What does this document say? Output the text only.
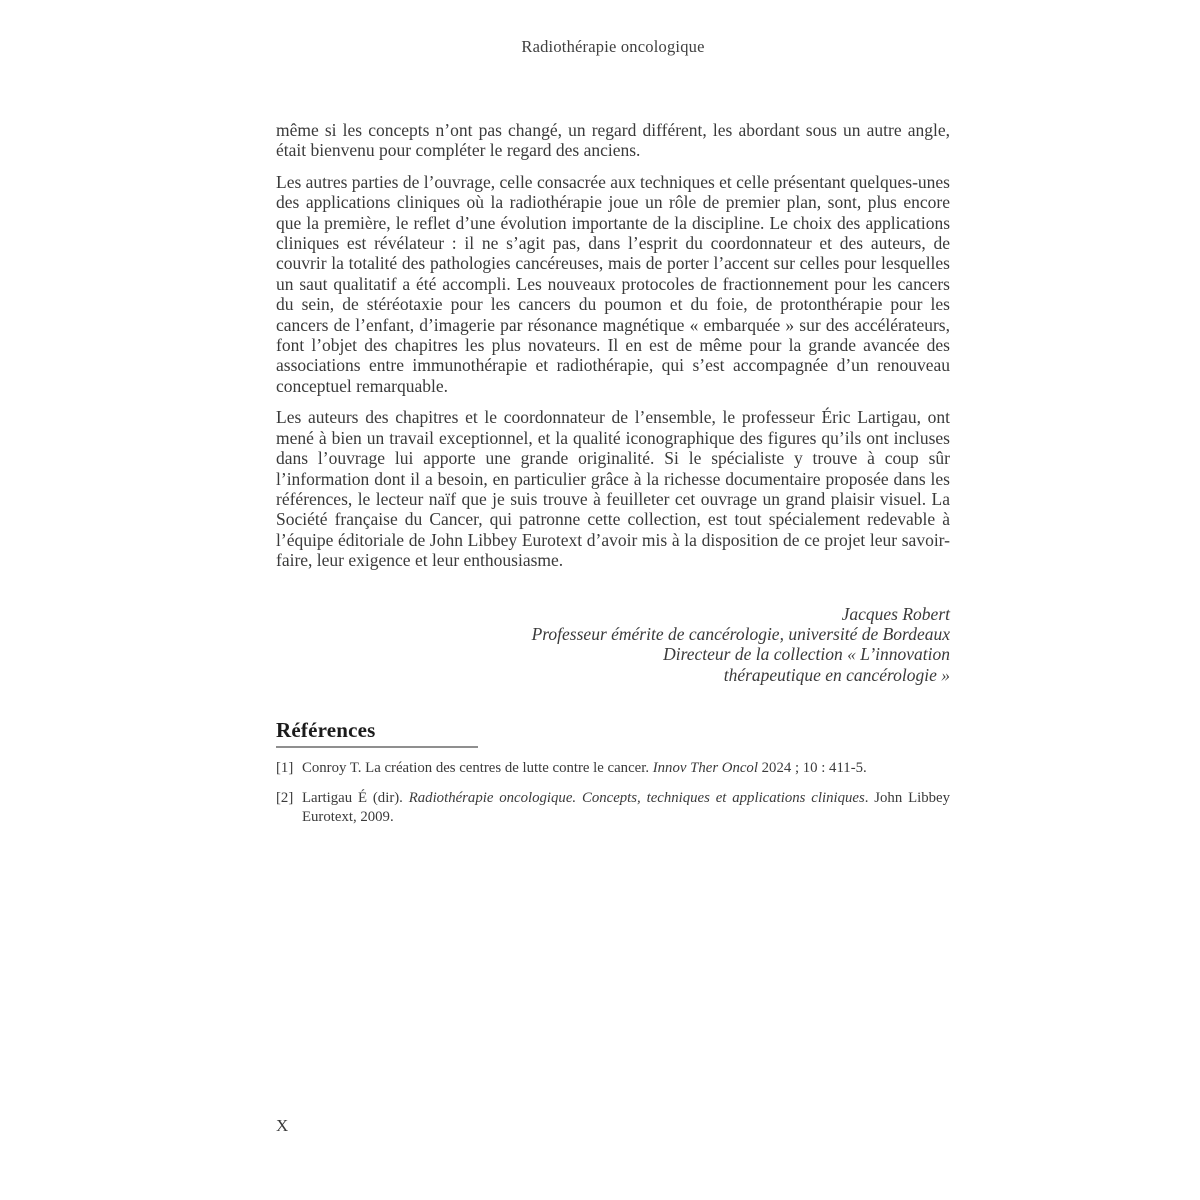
Radiothérapie oncologique

même si les concepts n’ont pas changé, un regard différent, les abordant sous un autre angle, était bienvenu pour compléter le regard des anciens.

Les autres parties de l’ouvrage, celle consacrée aux techniques et celle présentant quelques-unes des applications cliniques où la radiothérapie joue un rôle de premier plan, sont, plus encore que la première, le reflet d’une évolution importante de la discipline. Le choix des applications cliniques est révélateur : il ne s’agit pas, dans l’esprit du coordonnateur et des auteurs, de couvrir la totalité des pathologies cancéreuses, mais de porter l’accent sur celles pour lesquelles un saut qualitatif a été accompli. Les nouveaux protocoles de fractionnement pour les cancers du sein, de stéréotaxie pour les cancers du poumon et du foie, de protonthérapie pour les cancers de l’enfant, d’imagerie par résonance magnétique « embarquée » sur des accélérateurs, font l’objet des chapitres les plus novateurs. Il en est de même pour la grande avancée des associations entre immunothérapie et radiothérapie, qui s’est accompagnée d’un renouveau conceptuel remarquable.

Les auteurs des chapitres et le coordonnateur de l’ensemble, le professeur Éric Lartigau, ont mené à bien un travail exceptionnel, et la qualité iconographique des figures qu’ils ont incluses dans l’ouvrage lui apporte une grande originalité. Si le spécialiste y trouve à coup sûr l’information dont il a besoin, en particulier grâce à la richesse documentaire proposée dans les références, le lecteur naïf que je suis trouve à feuilleter cet ouvrage un grand plaisir visuel. La Société française du Cancer, qui patronne cette collection, est tout spécialement redevable à l’équipe éditoriale de John Libbey Eurotext d’avoir mis à la disposition de ce projet leur savoir-faire, leur exigence et leur enthousiasme.

Jacques Robert
Professeur émérite de cancérologie, université de Bordeaux
Directeur de la collection « L’innovation
thérapeutique en cancérologie »
Références
[1] Conroy T. La création des centres de lutte contre le cancer. Innov Ther Oncol 2024 ; 10 : 411-5.
[2] Lartigau É (dir). Radiothérapie oncologique. Concepts, techniques et applications cliniques. John Libbey Eurotext, 2009.
X
